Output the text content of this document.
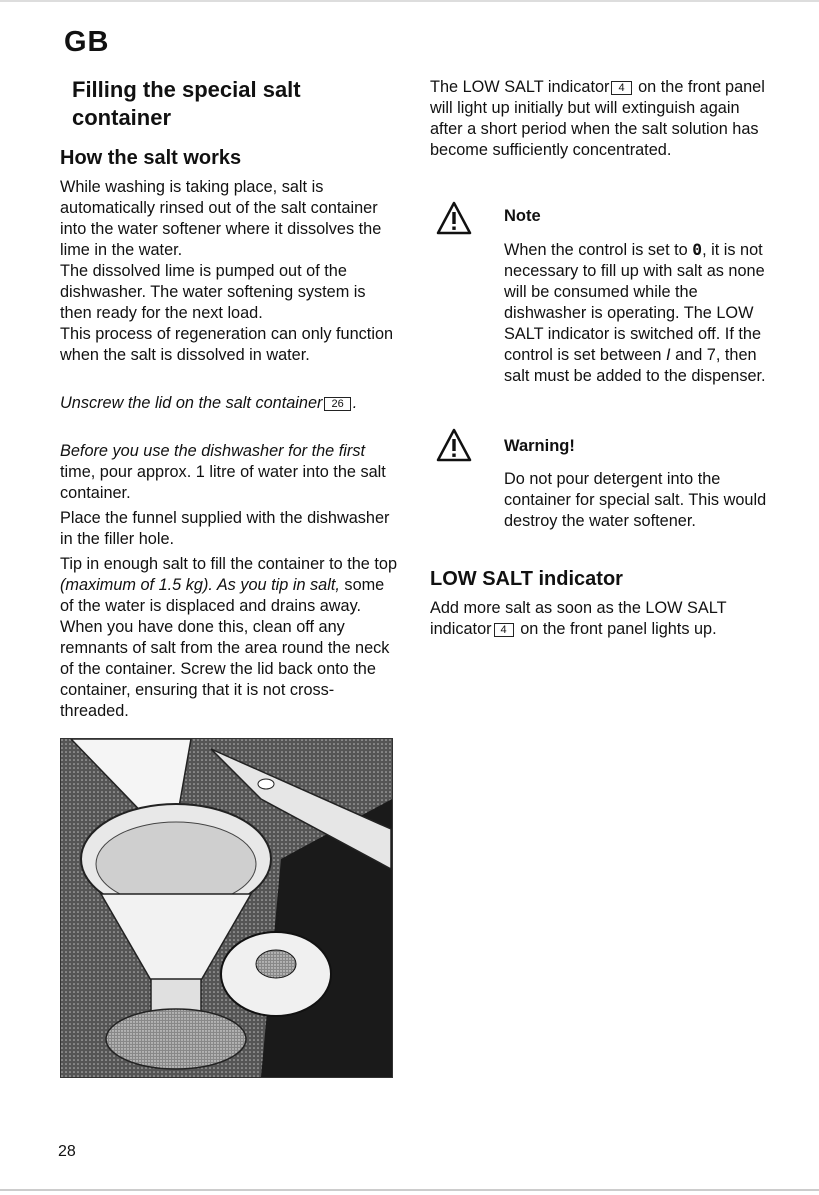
GB
Filling the special salt
container
How the salt works

While washing is taking place, salt is automatically rinsed out of the salt container into the water softener where it dissolves the lime in the water.

The dissolved lime is pumped out of the dishwasher. The water softening system is then ready for the next load.

This process of regeneration can only function when the salt is dissolved in water.

Unscrew the lid on the salt container 26 .

Before you use the dishwasher for the first time, pour approx. 1 litre of water into the salt container.

Place the funnel supplied with the dishwasher in the filler hole.

Tip in enough salt to fill the container to the top (maximum of 1.5 kg). As you tip in salt, some of the water is displaced and drains away. When you have done this, clean off any remnants of salt from the area round the neck of the container. Screw the lid back onto the container, ensuring that it is not cross-threaded.

The LOW SALT indicator 4 on the front panel will light up initially but will extinguish again after a short period when the salt solution has become sufficiently concentrated.

Note

When the control is set to 0, it is not necessary to fill up with salt as none will be consumed while the dishwasher is operating. The LOW SALT indicator is switched off. If the control is set between I and 7, then salt must be added to the dispenser.

Warning!
Do not pour detergent into the container for special salt. This would destroy the water softener.
LOW SALT indicator

Add more salt as soon as the LOW SALT indicator 4 on the front panel lights up.

28
